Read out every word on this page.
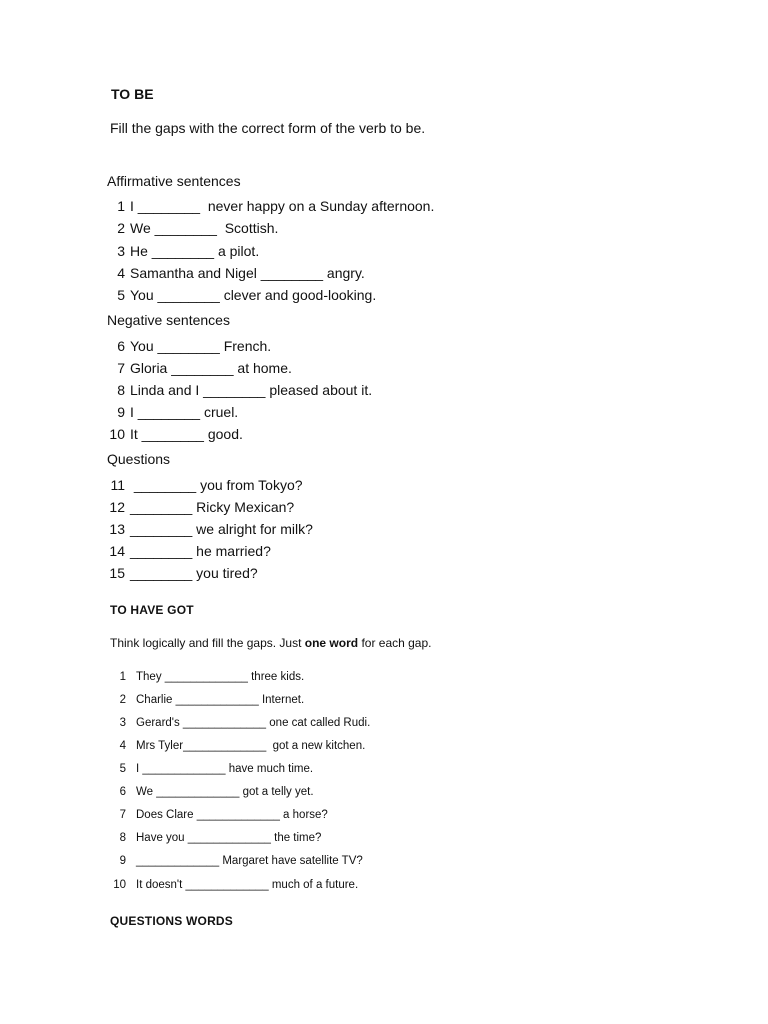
TO BE
Fill the gaps with the correct form of the verb to be.
Affirmative sentences
1 I ________  never happy on a Sunday afternoon.
2 We ________  Scottish.
3 He ________ a pilot.
4 Samantha and Nigel ________ angry.
5 You ________ clever and good-looking.
Negative sentences
6 You ________ French.
7 Gloria ________ at home.
8 Linda and I ________ pleased about it.
9 I ________ cruel.
10 It ________ good.
Questions
11 ________ you from Tokyo?
12 ________ Ricky Mexican?
13 ________ we alright for milk?
14 ________ he married?
15 ________ you tired?
TO HAVE GOT
Think logically and fill the gaps. Just one word for each gap.
1 They _____________ three kids.
2 Charlie _____________ Internet.
3 Gerard's _____________ one cat called Rudi.
4 Mrs Tyler_____________  got a new kitchen.
5 I _____________ have much time.
6 We _____________ got a telly yet.
7 Does Clare _____________ a horse?
8 Have you _____________ the time?
9 _____________ Margaret have satellite TV?
10 It doesn't _____________ much of a future.
QUESTIONS WORDS
